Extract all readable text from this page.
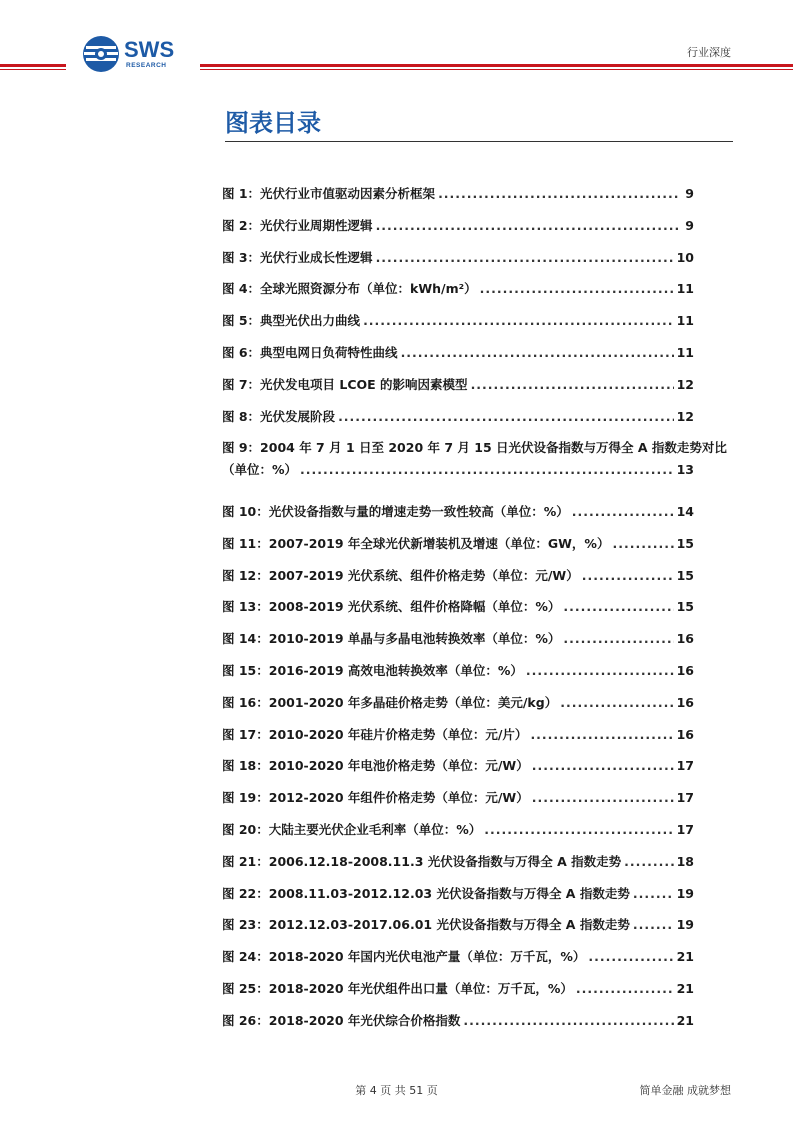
SWS
RESEARCH
行业深度
图表目录
图 1：光伏行业市值驱动因素分析框架 .....	9
图 2：光伏行业周期性逻辑 .....	9
图 3：光伏行业成长性逻辑 .....	10
图 4：全球光照资源分布（单位：kWh/m²） .....	11
图 5：典型光伏出力曲线 .....	11
图 6：典型电网日负荷特性曲线 .....	11
图 7：光伏发电项目 LCOE 的影响因素模型 .....	12
图 8：光伏发展阶段 .....	12
图 9：2004 年 7 月 1 日至 2020 年 7 月 15 日光伏设备指数与万得全 A 指数走势对比
（单位：%） .....	13
图 10：光伏设备指数与量的增速走势一致性较高（单位：%） .....	14
图 11：2007-2019 年全球光伏新增装机及增速（单位：GW，%） .....	15
图 12：2007-2019 光伏系统、组件价格走势（单位：元/W） .....	15
图 13：2008-2019 光伏系统、组件价格降幅（单位：%） .....	15
图 14：2010-2019 单晶与多晶电池转换效率（单位：%） .....	16
图 15：2016-2019 高效电池转换效率（单位：%） .....	16
图 16：2001-2020 年多晶硅价格走势（单位：美元/kg） .....	16
图 17：2010-2020 年硅片价格走势（单位：元/片） .....	16
图 18：2010-2020 年电池价格走势（单位：元/W） .....	17
图 19：2012-2020 年组件价格走势（单位：元/W） .....	17
图 20：大陆主要光伏企业毛利率（单位：%） .....	17
图 21：2006.12.18-2008.11.3 光伏设备指数与万得全 A 指数走势 .....	18
图 22：2008.11.03-2012.12.03 光伏设备指数与万得全 A 指数走势 .....	19
图 23：2012.12.03-2017.06.01 光伏设备指数与万得全 A 指数走势 .....	19
图 24：2018-2020 年国内光伏电池产量（单位：万千瓦，%） .....	21
图 25：2018-2020 年光伏组件出口量（单位：万千瓦，%） .....	21
图 26：2018-2020 年光伏综合价格指数 .....	21
第 4 页 共 51 页	简单金融 成就梦想
